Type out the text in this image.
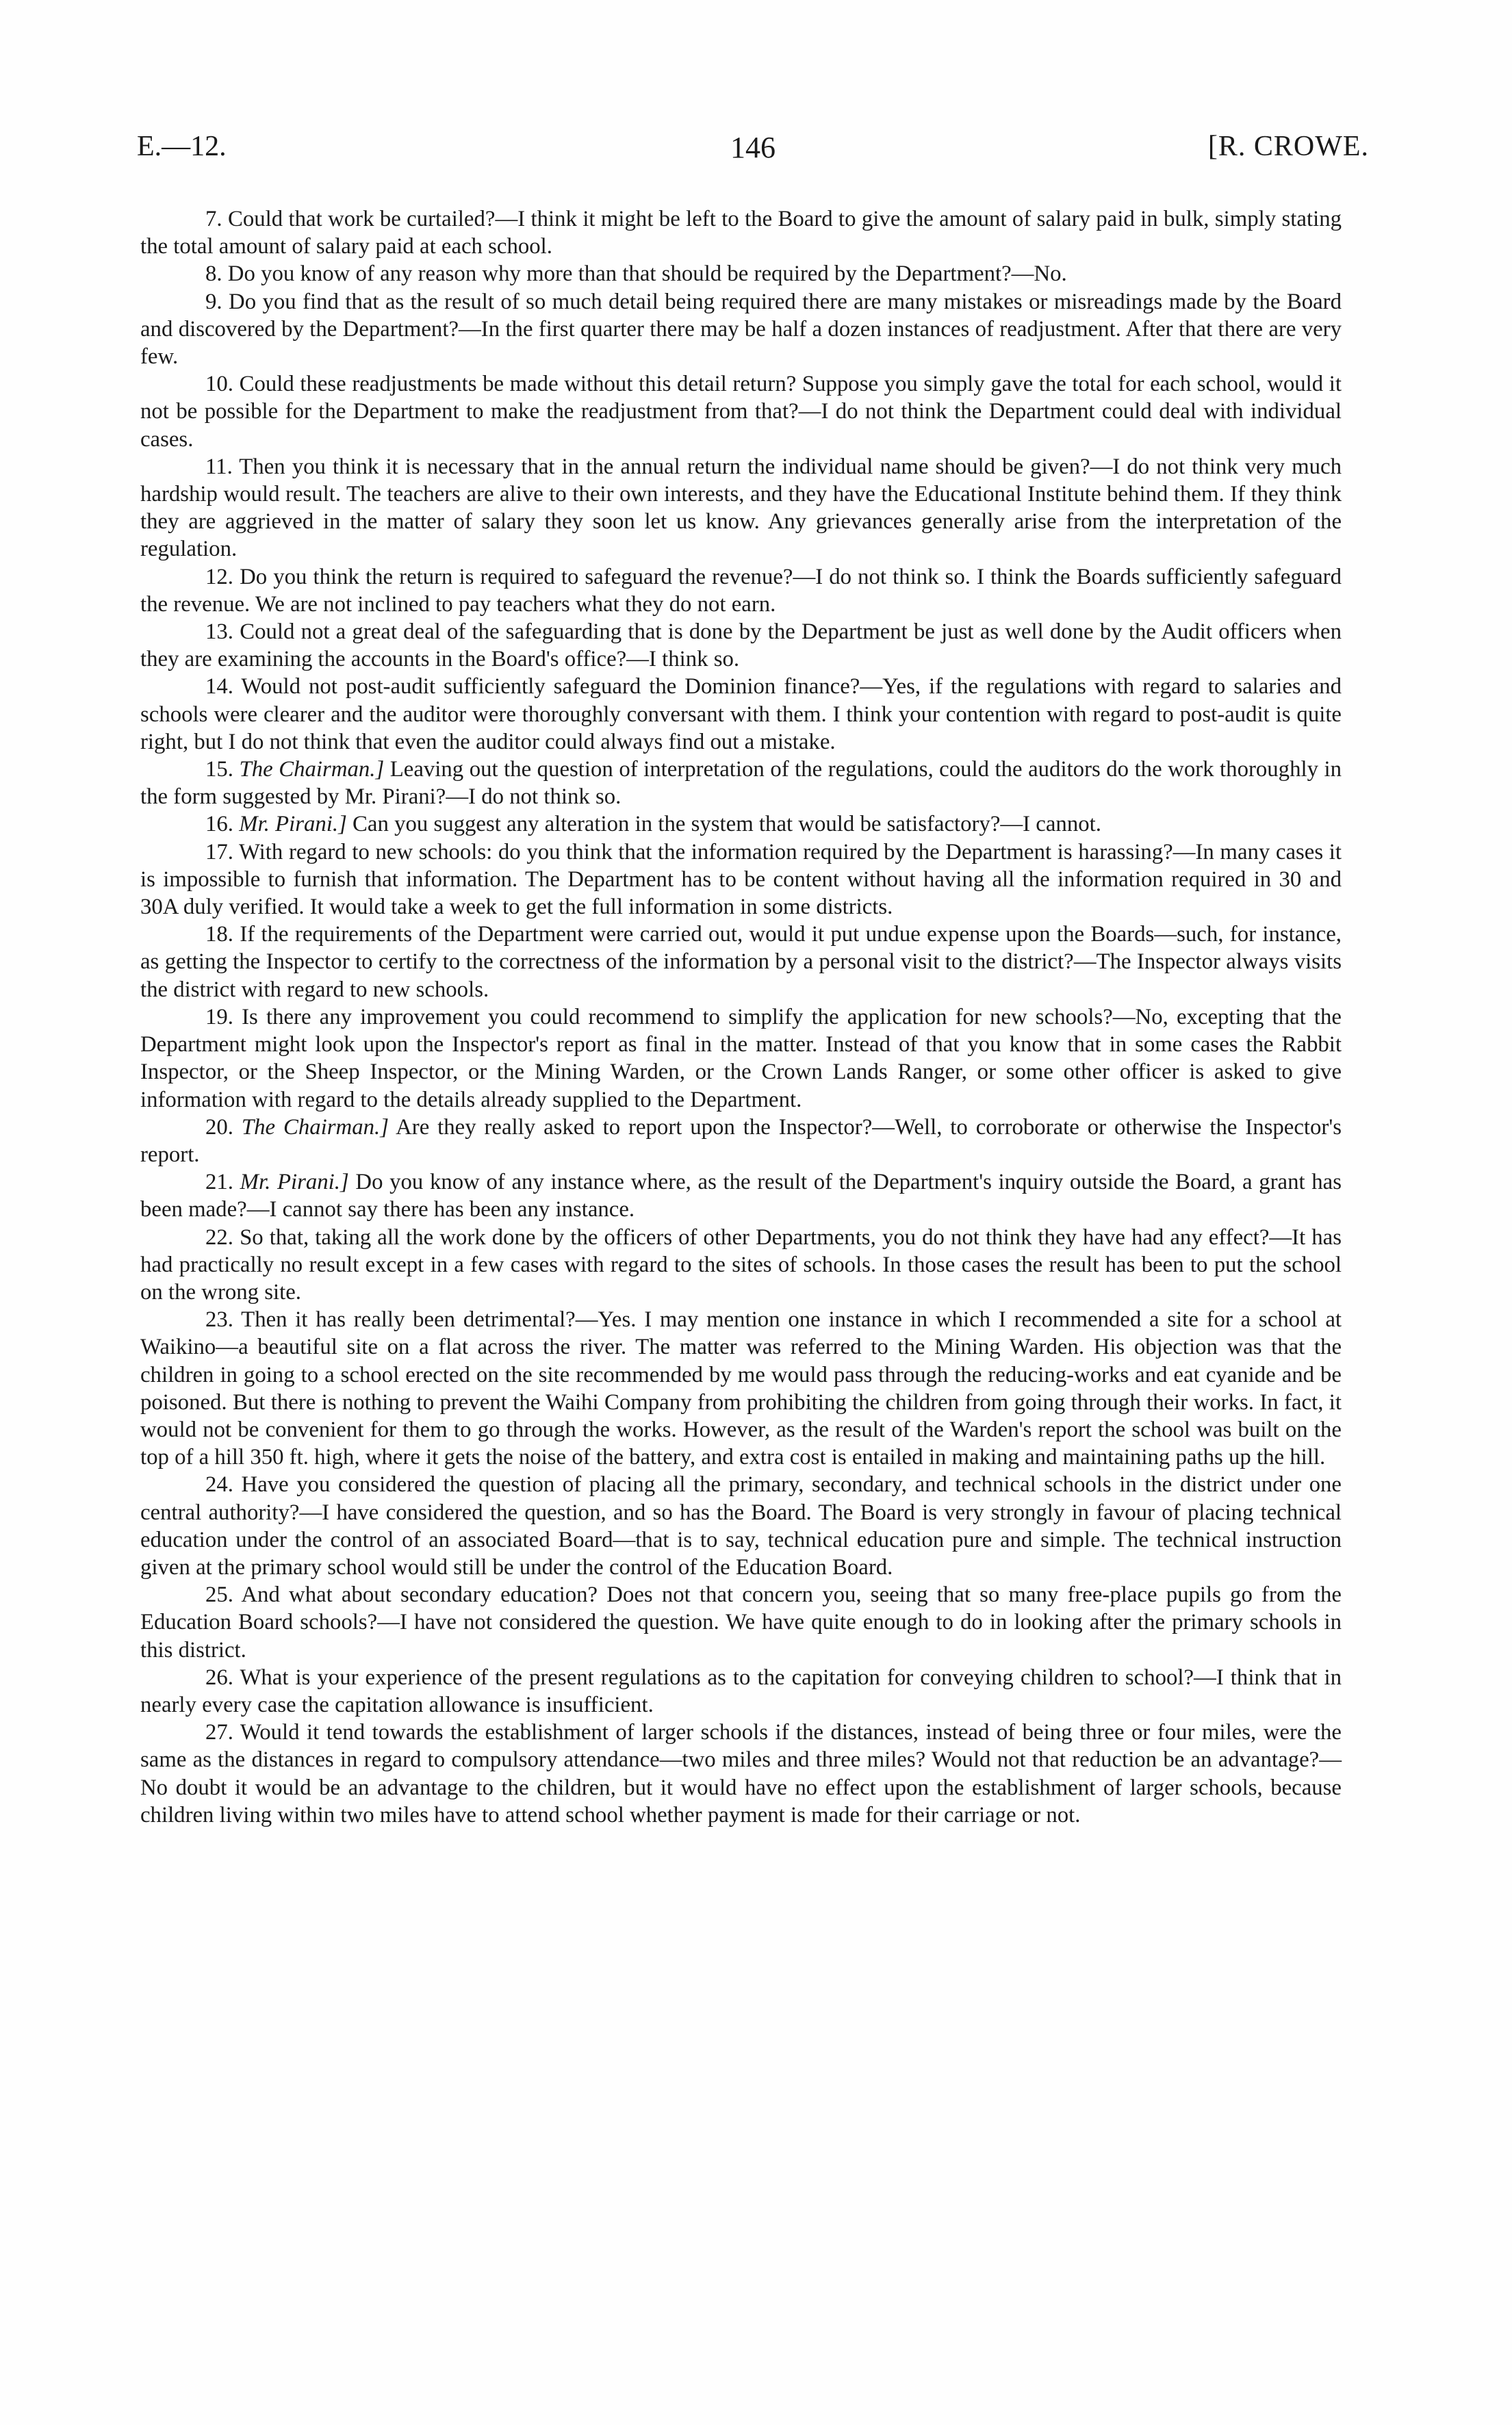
E.—12.	146	[R. CROWE.

7. Could that work be curtailed?—I think it might be left to the Board to give the amount of salary paid in bulk, simply stating the total amount of salary paid at each school.

8. Do you know of any reason why more than that should be required by the Department?—No.

9. Do you find that as the result of so much detail being required there are many mistakes or misreadings made by the Board and discovered by the Department?—In the first quarter there may be half a dozen instances of readjustment. After that there are very few.

10. Could these readjustments be made without this detail return? Suppose you simply gave the total for each school, would it not be possible for the Department to make the readjustment from that?—I do not think the Department could deal with individual cases.

11. Then you think it is necessary that in the annual return the individual name should be given?—I do not think very much hardship would result. The teachers are alive to their own interests, and they have the Educational Institute behind them. If they think they are aggrieved in the matter of salary they soon let us know. Any grievances generally arise from the interpretation of the regulation.

12. Do you think the return is required to safeguard the revenue?—I do not think so. I think the Boards sufficiently safeguard the revenue. We are not inclined to pay teachers what they do not earn.

13. Could not a great deal of the safeguarding that is done by the Department be just as well done by the Audit officers when they are examining the accounts in the Board's office?—I think so.

14. Would not post-audit sufficiently safeguard the Dominion finance?—Yes, if the regulations with regard to salaries and schools were clearer and the auditor were thoroughly conversant with them. I think your contention with regard to post-audit is quite right, but I do not think that even the auditor could always find out a mistake.

15. The Chairman.] Leaving out the question of interpretation of the regulations, could the auditors do the work thoroughly in the form suggested by Mr. Pirani?—I do not think so.

16. Mr. Pirani.] Can you suggest any alteration in the system that would be satisfactory?—I cannot.

17. With regard to new schools: do you think that the information required by the Department is harassing?—In many cases it is impossible to furnish that information. The Department has to be content without having all the information required in 30 and 30A duly verified. It would take a week to get the full information in some districts.

18. If the requirements of the Department were carried out, would it put undue expense upon the Boards—such, for instance, as getting the Inspector to certify to the correctness of the information by a personal visit to the district?—The Inspector always visits the district with regard to new schools.

19. Is there any improvement you could recommend to simplify the application for new schools?—No, excepting that the Department might look upon the Inspector's report as final in the matter. Instead of that you know that in some cases the Rabbit Inspector, or the Sheep Inspector, or the Mining Warden, or the Crown Lands Ranger, or some other officer is asked to give information with regard to the details already supplied to the Department.

20. The Chairman.] Are they really asked to report upon the Inspector?—Well, to corroborate or otherwise the Inspector's report.

21. Mr. Pirani.] Do you know of any instance where, as the result of the Department's inquiry outside the Board, a grant has been made?—I cannot say there has been any instance.

22. So that, taking all the work done by the officers of other Departments, you do not think they have had any effect?—It has had practically no result except in a few cases with regard to the sites of schools. In those cases the result has been to put the school on the wrong site.

23. Then it has really been detrimental?—Yes. I may mention one instance in which I recommended a site for a school at Waikino—a beautiful site on a flat across the river. The matter was referred to the Mining Warden. His objection was that the children in going to a school erected on the site recommended by me would pass through the reducing-works and eat cyanide and be poisoned. But there is nothing to prevent the Waihi Company from prohibiting the children from going through their works. In fact, it would not be convenient for them to go through the works. However, as the result of the Warden's report the school was built on the top of a hill 350 ft. high, where it gets the noise of the battery, and extra cost is entailed in making and maintaining paths up the hill.

24. Have you considered the question of placing all the primary, secondary, and technical schools in the district under one central authority?—I have considered the question, and so has the Board. The Board is very strongly in favour of placing technical education under the control of an associated Board—that is to say, technical education pure and simple. The technical instruction given at the primary school would still be under the control of the Education Board.

25. And what about secondary education? Does not that concern you, seeing that so many free-place pupils go from the Education Board schools?—I have not considered the question. We have quite enough to do in looking after the primary schools in this district.

26. What is your experience of the present regulations as to the capitation for conveying children to school?—I think that in nearly every case the capitation allowance is insufficient.

27. Would it tend towards the establishment of larger schools if the distances, instead of being three or four miles, were the same as the distances in regard to compulsory attendance—two miles and three miles? Would not that reduction be an advantage?—No doubt it would be an advantage to the children, but it would have no effect upon the establishment of larger schools, because children living within two miles have to attend school whether payment is made for their carriage or not.
